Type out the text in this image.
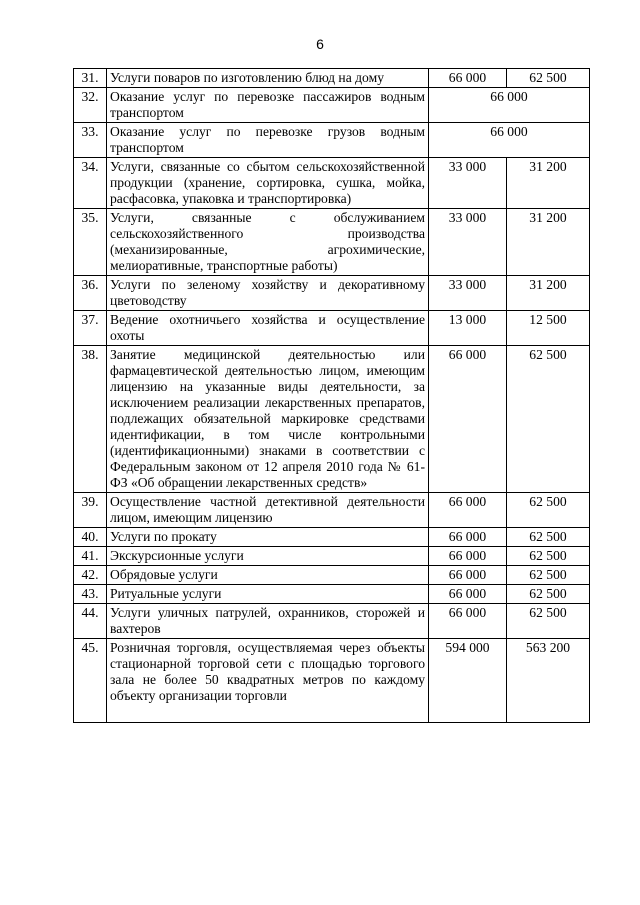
6
31.	Услуги поваров по изготовлению блюд на дому	66 000	62 500
32.	Оказание услуг по перевозке пассажиров водным транспортом	66 000	
33.	Оказание услуг по перевозке грузов водным транспортом	66 000	
34.	Услуги, связанные со сбытом сельскохозяйственной продукции (хранение, сортировка, сушка, мойка, расфасовка, упаковка и транспортировка)	33 000	31 200
35.	Услуги, связанные с обслуживанием сельскохозяйственного производства (механизированные, агрохимические, мелиоративные, транспортные работы)	33 000	31 200
36.	Услуги по зеленому хозяйству и декоративному цветоводству	33 000	31 200
37.	Ведение охотничьего хозяйства и осуществление охоты	13 000	12 500
38.	Занятие медицинской деятельностью или фармацевтической деятельностью лицом, имеющим лицензию на указанные виды деятельности, за исключением реализации лекарственных препаратов, подлежащих обязательной маркировке средствами идентификации, в том числе контрольными (идентификационными) знаками в соответствии с Федеральным законом от 12 апреля 2010 года № 61-ФЗ «Об обращении лекарственных средств»	66 000	62 500
39.	Осуществление частной детективной деятельности лицом, имеющим лицензию	66 000	62 500
40.	Услуги по прокату	66 000	62 500
41.	Экскурсионные услуги	66 000	62 500
42.	Обрядовые услуги	66 000	62 500
43.	Ритуальные услуги	66 000	62 500
44.	Услуги уличных патрулей, охранников, сторожей и вахтеров	66 000	62 500
45.	Розничная торговля, осуществляемая через объекты стационарной торговой сети с площадью торгового зала не более 50 квадратных метров по каждому объекту организации торговли	594 000	563 200
